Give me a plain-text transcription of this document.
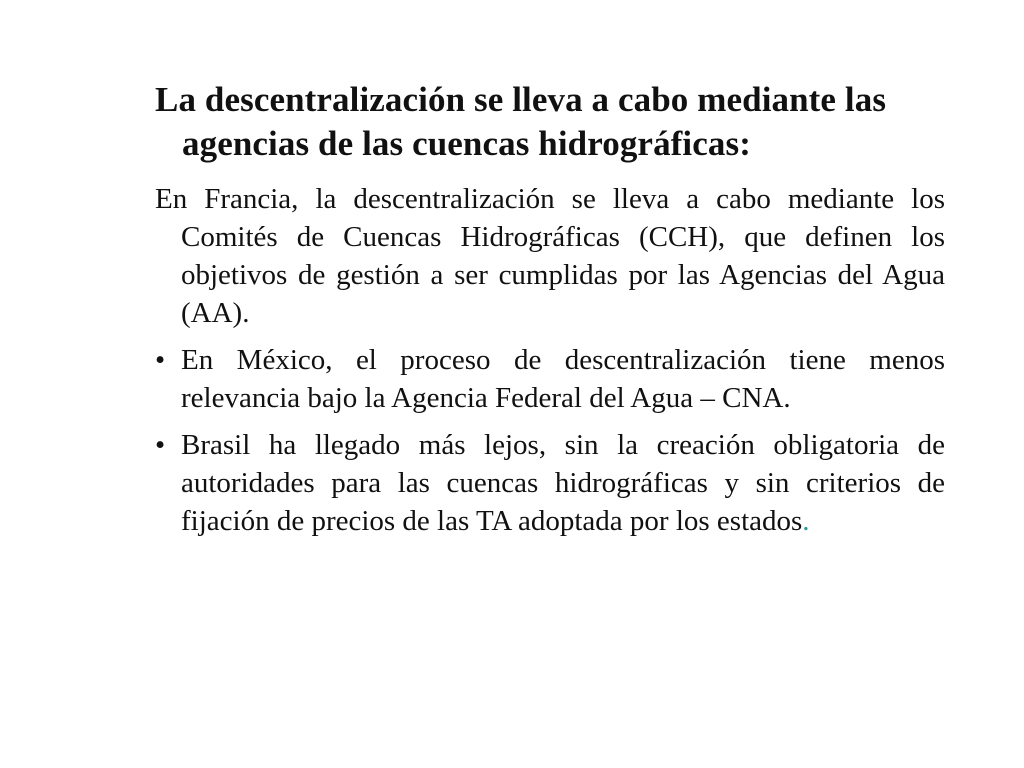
La descentralización se lleva a cabo mediante las agencias de las cuencas hidrográficas:

En Francia, la descentralización se lleva a cabo mediante los Comités de Cuencas Hidrográficas (CCH), que definen los objetivos de gestión a ser cumplidas por las Agencias del Agua (AA).

• En México, el proceso de descentralización tiene menos relevancia bajo la Agencia Federal del Agua – CNA.

• Brasil ha llegado más lejos, sin la creación obligatoria de autoridades para las cuencas hidrográficas y sin criterios de fijación de precios de las TA adoptada por los estados.
